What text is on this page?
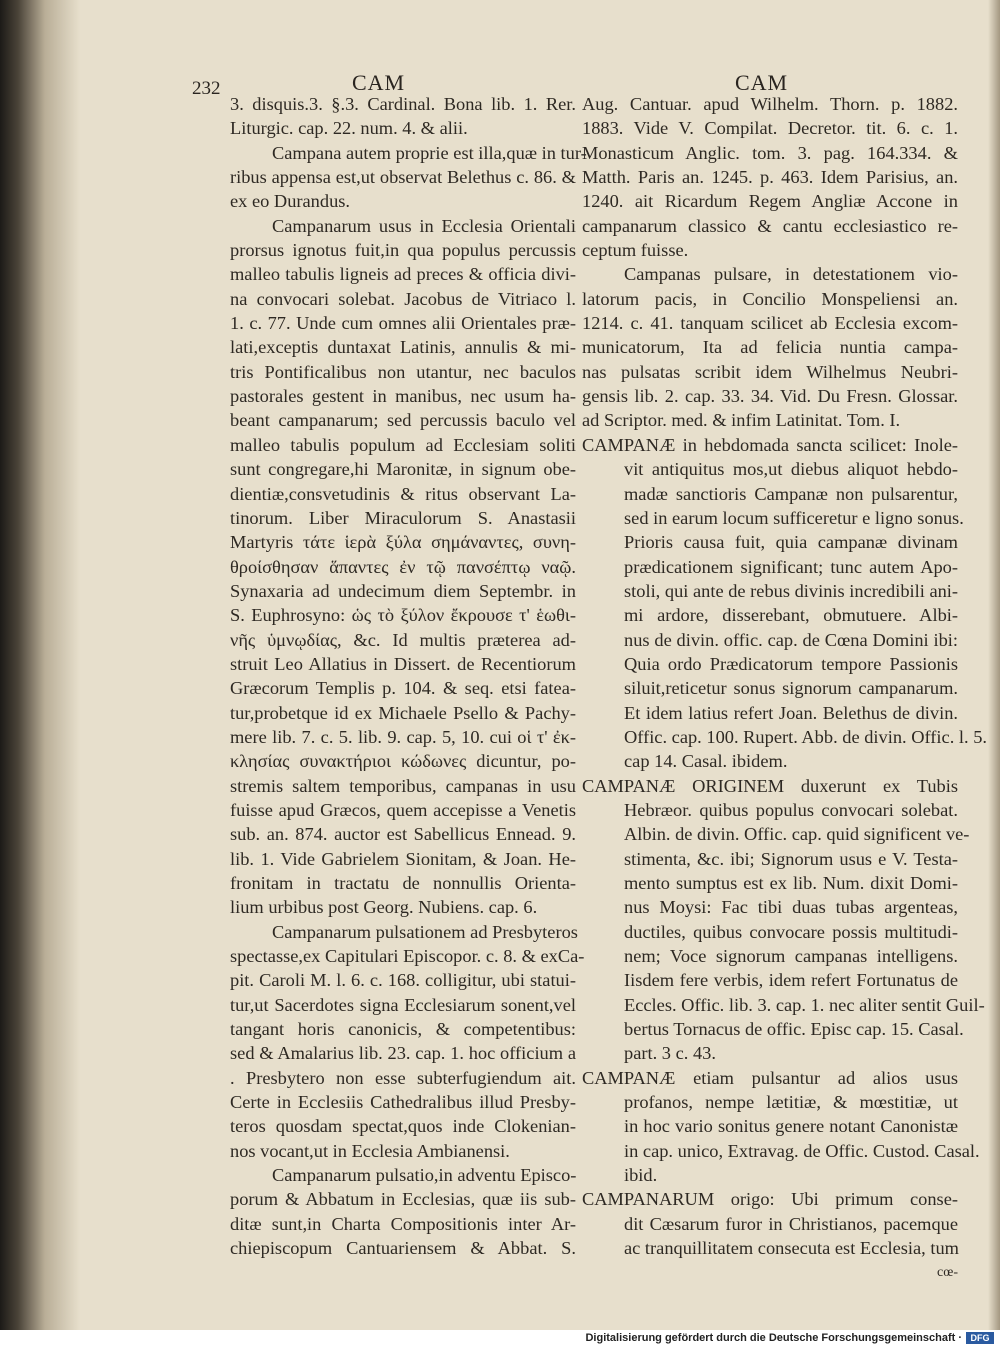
232	CAM	CAM
3. disquis.3. §.3. Cardinal. Bona lib. 1. Rer.
Liturgic. cap. 22. num. 4. & alii.
Campana autem proprie est illa,quæ in tur-
ribus appensa est,ut observat Belethus c. 86. &
ex eo Durandus.
Campanarum usus in Ecclesia Orientali
prorsus ignotus fuit,in qua populus percussis
malleo tabulis ligneis ad preces & officia divi-
na convocari solebat. Jacobus de Vitriaco l.
1. c. 77. Unde cum omnes alii Orientales præ-
lati,exceptis duntaxat Latinis, annulis & mi-
tris Pontificalibus non utantur, nec baculos
pastorales gestent in manibus, nec usum ha-
beant campanarum; sed percussis baculo vel
malleo tabulis populum ad Ecclesiam soliti
sunt congregare,hi Maronitæ, in signum obe-
dientiæ,consvetudinis & ritus observant La-
tinorum. Liber Miraculorum S. Anastasii
Martyris τάτε ἱερὰ ξύλα σημάναντες, συνη-
θροίσθησαν ἅπαντες ἐν τῷ πανσέπτῳ ναῷ.
Synaxaria ad undecimum diem Septembr. in
S. Euphrosyno: ὡς τὸ ξύλον ἔκρουσε τ' ἑωθι-
νῆς ὑμνῳδίας, &c. Id multis præterea ad-
struit Leo Allatius in Dissert. de Recentiorum
Græcorum Templis p. 104. & seq. etsi fatea-
tur,probetque id ex Michaele Psello & Pachy-
mere lib. 7. c. 5. lib. 9. cap. 5, 10. cui οἱ τ' ἐκ-
κλησίας συνακτήριοι κώδωνες dicuntur, po-
stremis saltem temporibus, campanas in usu
fuisse apud Græcos, quem accepisse a Venetis
sub. an. 874. auctor est Sabellicus Ennead. 9.
lib. 1. Vide Gabrielem Sionitam, & Joan. He-
fronitam in tractatu de nonnullis Orienta-
lium urbibus post Georg. Nubiens. cap. 6.
Campanarum pulsationem ad Presbyteros
spectasse,ex Capitulari Episcopor. c. 8. & exCa-
pit. Caroli M. l. 6. c. 168. colligitur, ubi statui-
tur,ut Sacerdotes signa Ecclesiarum sonent,vel
tangant horis canonicis, & competentibus:
sed & Amalarius lib. 23. cap. 1. hoc officium a
. Presbytero non esse subterfugiendum ait.
Certe in Ecclesiis Cathedralibus illud Presby-
teros quosdam spectat,quos inde Clokenian-
nos vocant,ut in Ecclesia Ambianensi.
Campanarum pulsatio,in adventu Episco-
porum & Abbatum in Ecclesias, quæ iis sub-
ditæ sunt,in Charta Compositionis inter Ar-
chiepiscopum Cantuariensem & Abbat. S.
Aug. Cantuar. apud Wilhelm. Thorn. p. 1882.
1883. Vide V. Compilat. Decretor. tit. 6. c. 1.
Monasticum Anglic. tom. 3. pag. 164.334. &
Matth. Paris an. 1245. p. 463. Idem Parisius, an.
1240. ait Ricardum Regem Angliæ Accone in
campanarum classico & cantu ecclesiastico re-
ceptum fuisse.
Campanas pulsare, in detestationem vio-
latorum pacis, in Concilio Monspeliensi an.
1214. c. 41. tanquam scilicet ab Ecclesia excom-
municatorum, Ita ad felicia nuntia campa-
nas pulsatas scribit idem Wilhelmus Neubri-
gensis lib. 2. cap. 33. 34. Vid. Du Fresn. Glossar.
ad Scriptor. med. & infim Latinitat. Tom. I.
CAMPANÆ in hebdomada sancta scilicet: Inole-
vit antiquitus mos,ut diebus aliquot hebdo-
madæ sanctioris Campanæ non pulsarentur,
sed in earum locum sufficeretur e ligno sonus.
Prioris causa fuit, quia campanæ divinam
prædicationem significant; tunc autem Apo-
stoli, qui ante de rebus divinis incredibili ani-
mi ardore, disserebant, obmutuere. Albi-
nus de divin. offic. cap. de Cœna Domini ibi:
Quia ordo Prædicatorum tempore Passionis
siluit,reticetur sonus signorum campanarum.
Et idem latius refert Joan. Belethus de divin.
Offic. cap. 100. Rupert. Abb. de divin. Offic. l. 5.
cap 14. Casal. ibidem.
CAMPANÆ ORIGINEM duxerunt ex Tubis
Hebræor. quibus populus convocari solebat.
Albin. de divin. Offic. cap. quid significent ve-
stimenta, &c. ibi; Signorum usus e V. Testa-
mento sumptus est ex lib. Num. dixit Domi-
nus Moysi: Fac tibi duas tubas argenteas,
ductiles, quibus convocare possis multitudi-
nem; Voce signorum campanas intelligens.
Iisdem fere verbis, idem refert Fortunatus de
Eccles. Offic. lib. 3. cap. 1. nec aliter sentit Guil-
bertus Tornacus de offic. Episc cap. 15. Casal.
part. 3 c. 43.
CAMPANÆ etiam pulsantur ad alios usus
profanos, nempe lætitiæ, & mœstitiæ, ut
in hoc vario sonitus genere notant Canonistæ
in cap. unico, Extravag. de Offic. Custod. Casal.
ibid.
CAMPANARUM origo: Ubi primum conse-
dit Cæsarum furor in Christianos, pacemque
ac tranquillitatem consecuta est Ecclesia, tum
cœ-
Digitalisierung gefördert durch die Deutsche Forschungsgemeinschaft · DFG
